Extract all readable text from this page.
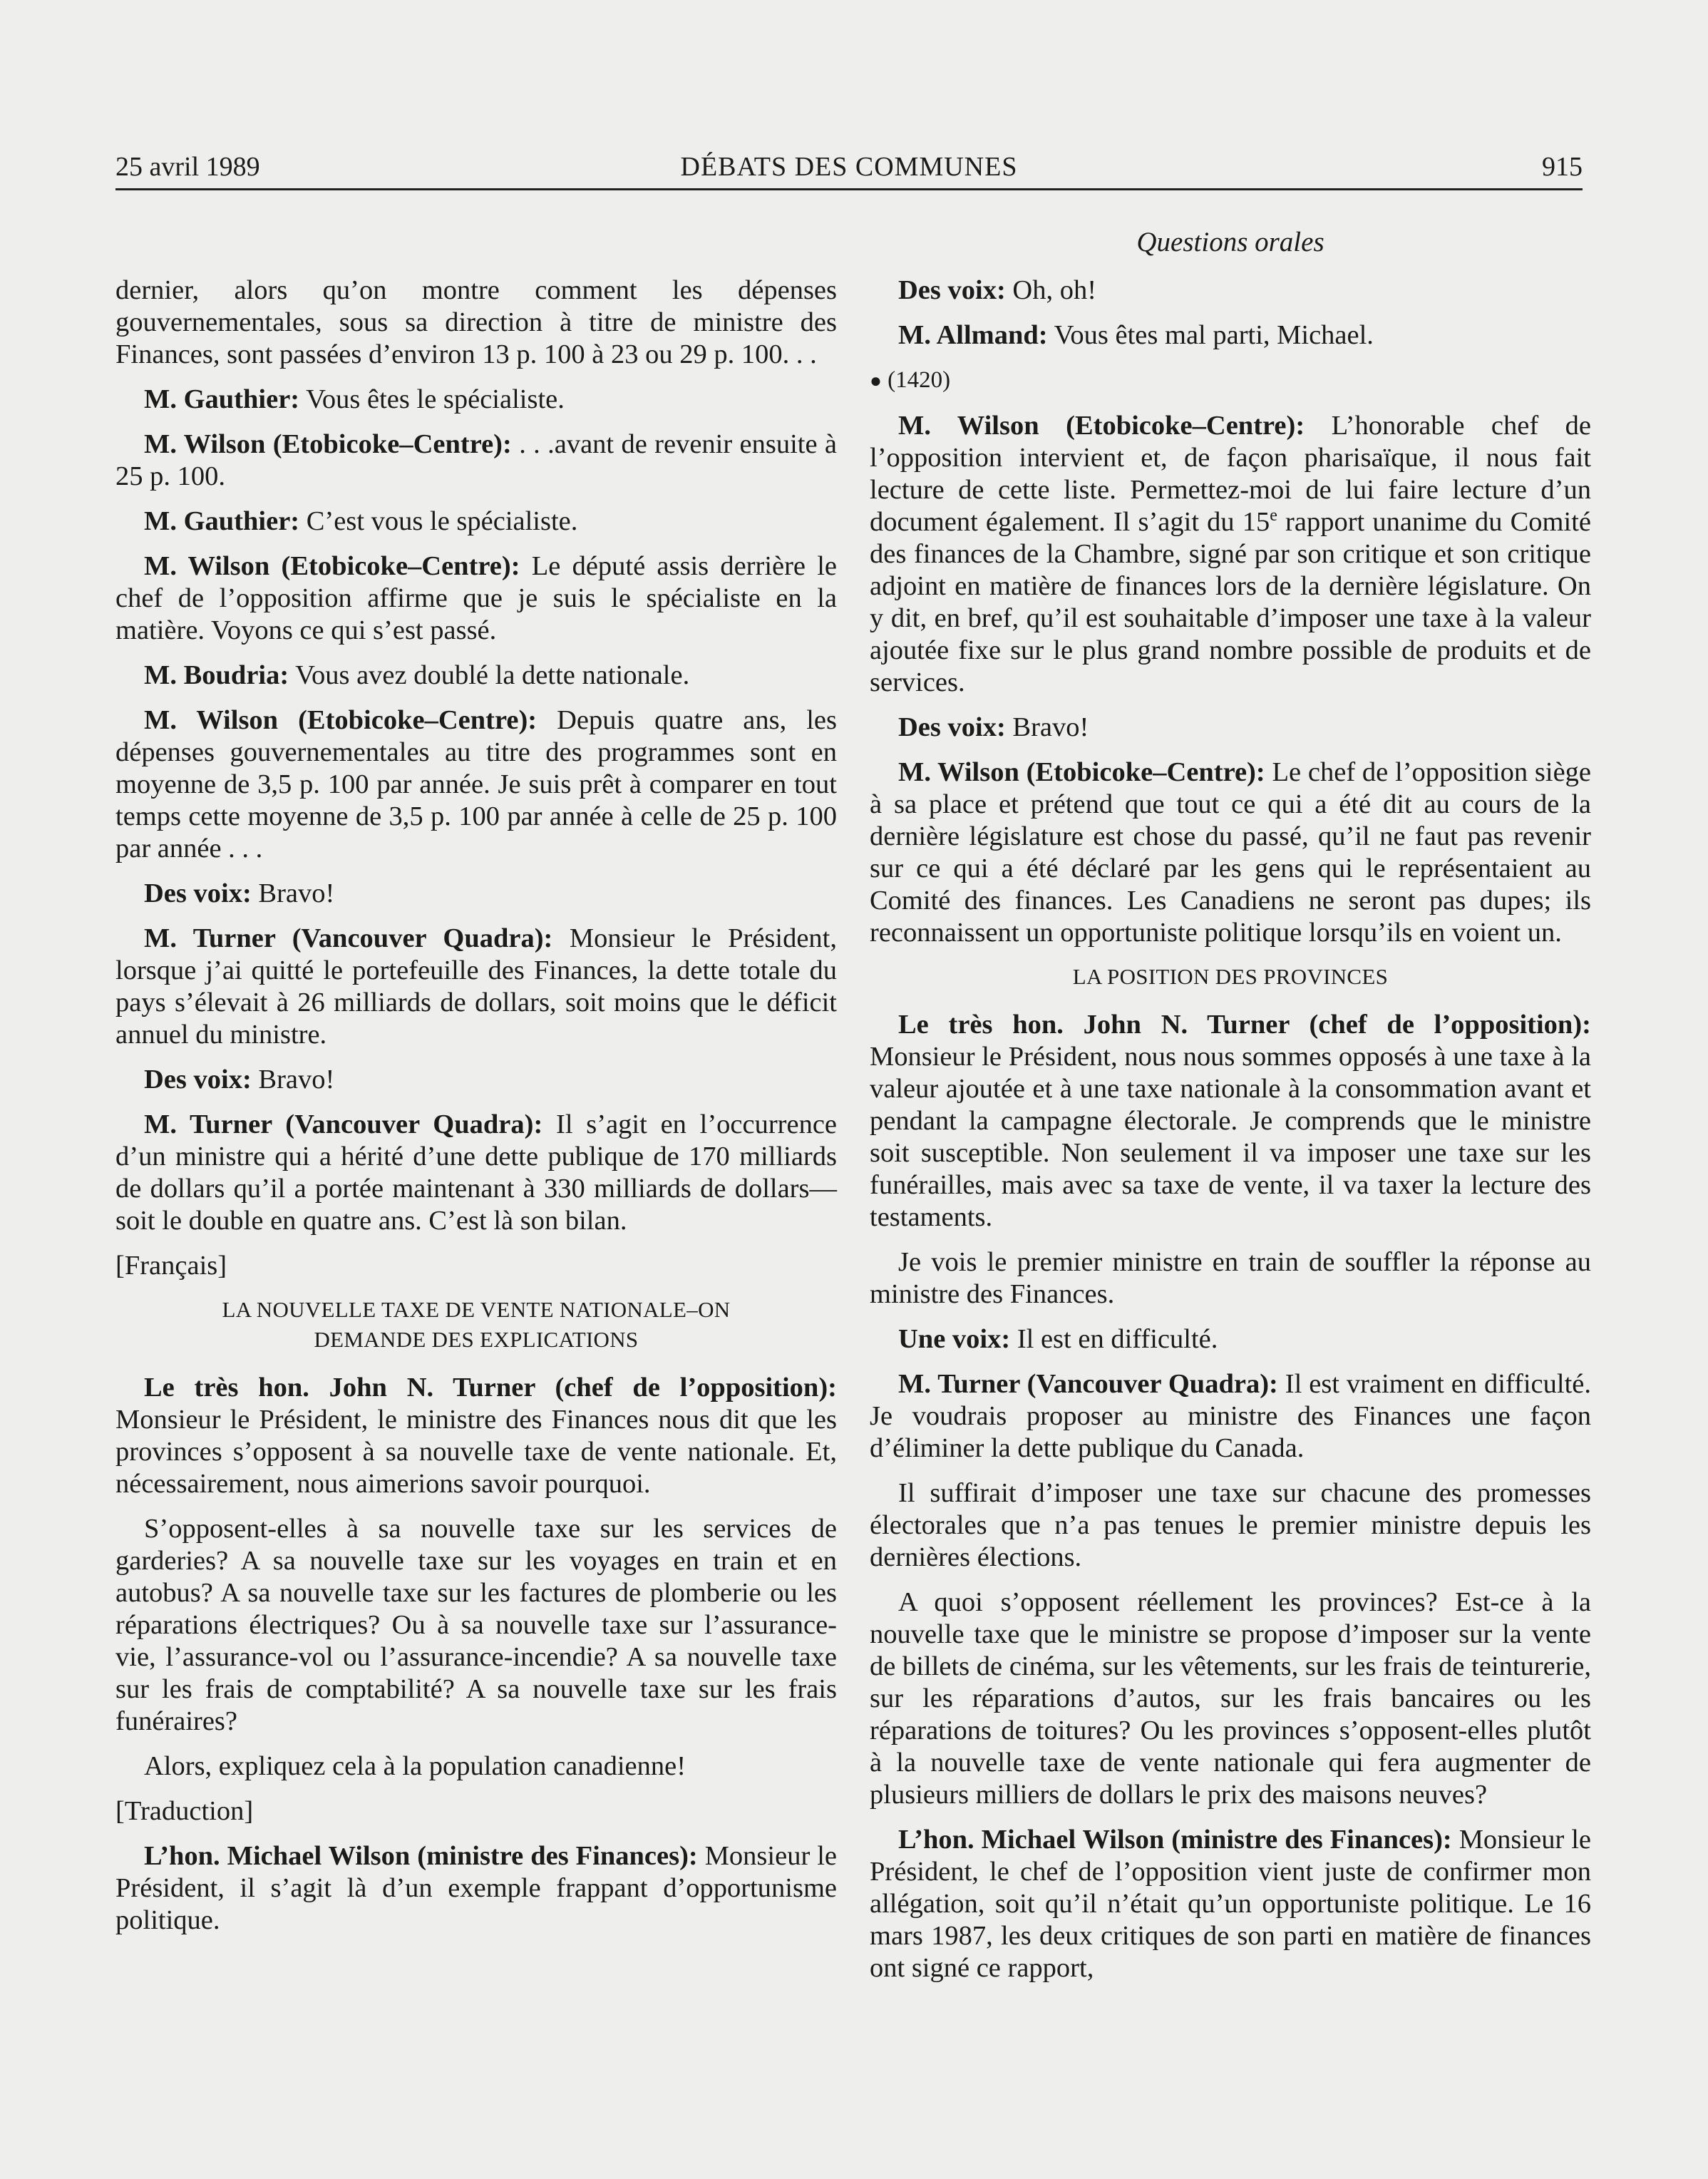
25 avril 1989	DÉBATS DES COMMUNES	915
Questions orales

dernier, alors qu’on montre comment les dépenses gouvernementales, sous sa direction à titre de ministre des Finances, sont passées d’environ 13 p. 100 à 23 ou 29 p. 100. . .

M. Gauthier: Vous êtes le spécialiste.

M. Wilson (Etobicoke–Centre): . . .avant de revenir ensuite à 25 p. 100.

M. Gauthier: C’est vous le spécialiste.

M. Wilson (Etobicoke–Centre): Le député assis derrière le chef de l’opposition affirme que je suis le spécialiste en la matière. Voyons ce qui s’est passé.

M. Boudria: Vous avez doublé la dette nationale.

M. Wilson (Etobicoke–Centre): Depuis quatre ans, les dépenses gouvernementales au titre des programmes sont en moyenne de 3,5 p. 100 par année. Je suis prêt à comparer en tout temps cette moyenne de 3,5 p. 100 par année à celle de 25 p. 100 par année . . .

Des voix: Bravo!

M. Turner (Vancouver Quadra): Monsieur le Président, lorsque j’ai quitté le portefeuille des Finances, la dette totale du pays s’élevait à 26 milliards de dollars, soit moins que le déficit annuel du ministre.

Des voix: Bravo!

M. Turner (Vancouver Quadra): Il s’agit en l’occurrence d’un ministre qui a hérité d’une dette publique de 170 milliards de dollars qu’il a portée maintenant à 330 milliards de dollars—soit le double en quatre ans. C’est là son bilan.

[Français]

LA NOUVELLE TAXE DE VENTE NATIONALE–ON
DEMANDE DES EXPLICATIONS

Le très hon. John N. Turner (chef de l’opposition): Monsieur le Président, le ministre des Finances nous dit que les provinces s’opposent à sa nouvelle taxe de vente nationale. Et, nécessairement, nous aimerions savoir pourquoi.

S’opposent-elles à sa nouvelle taxe sur les services de garderies? A sa nouvelle taxe sur les voyages en train et en autobus? A sa nouvelle taxe sur les factures de plomberie ou les réparations électriques? Ou à sa nouvelle taxe sur l’assurance-vie, l’assurance-vol ou l’assurance-incendie? A sa nouvelle taxe sur les frais de comptabilité? A sa nouvelle taxe sur les frais funéraires?

Alors, expliquez cela à la population canadienne!

[Traduction]

L’hon. Michael Wilson (ministre des Finances): Monsieur le Président, il s’agit là d’un exemple frappant d’opportunisme politique.

Des voix: Oh, oh!

M. Allmand: Vous êtes mal parti, Michael.

● (1420)

M. Wilson (Etobicoke–Centre): L’honorable chef de l’opposition intervient et, de façon pharisaïque, il nous fait lecture de cette liste. Permettez-moi de lui faire lecture d’un document également. Il s’agit du 15e rapport unanime du Comité des finances de la Chambre, signé par son critique et son critique adjoint en matière de finances lors de la dernière législature. On y dit, en bref, qu’il est souhaitable d’imposer une taxe à la valeur ajoutée fixe sur le plus grand nombre possible de produits et de services.

Des voix: Bravo!

M. Wilson (Etobicoke–Centre): Le chef de l’opposition siège à sa place et prétend que tout ce qui a été dit au cours de la dernière législature est chose du passé, qu’il ne faut pas revenir sur ce qui a été déclaré par les gens qui le représentaient au Comité des finances. Les Canadiens ne seront pas dupes; ils reconnaissent un opportuniste politique lorsqu’ils en voient un.

LA POSITION DES PROVINCES

Le très hon. John N. Turner (chef de l’opposition): Monsieur le Président, nous nous sommes opposés à une taxe à la valeur ajoutée et à une taxe nationale à la consommation avant et pendant la campagne électorale. Je comprends que le ministre soit susceptible. Non seulement il va imposer une taxe sur les funérailles, mais avec sa taxe de vente, il va taxer la lecture des testaments.

Je vois le premier ministre en train de souffler la réponse au ministre des Finances.

Une voix: Il est en difficulté.

M. Turner (Vancouver Quadra): Il est vraiment en difficulté. Je voudrais proposer au ministre des Finances une façon d’éliminer la dette publique du Canada.

Il suffirait d’imposer une taxe sur chacune des promesses électorales que n’a pas tenues le premier ministre depuis les dernières élections.

A quoi s’opposent réellement les provinces? Est-ce à la nouvelle taxe que le ministre se propose d’imposer sur la vente de billets de cinéma, sur les vêtements, sur les frais de teinturerie, sur les réparations d’autos, sur les frais bancaires ou les réparations de toitures? Ou les provinces s’opposent-elles plutôt à la nouvelle taxe de vente nationale qui fera augmenter de plusieurs milliers de dollars le prix des maisons neuves?

L’hon. Michael Wilson (ministre des Finances): Monsieur le Président, le chef de l’opposition vient juste de confirmer mon allégation, soit qu’il n’était qu’un opportuniste politique. Le 16 mars 1987, les deux critiques de son parti en matière de finances ont signé ce rapport,
